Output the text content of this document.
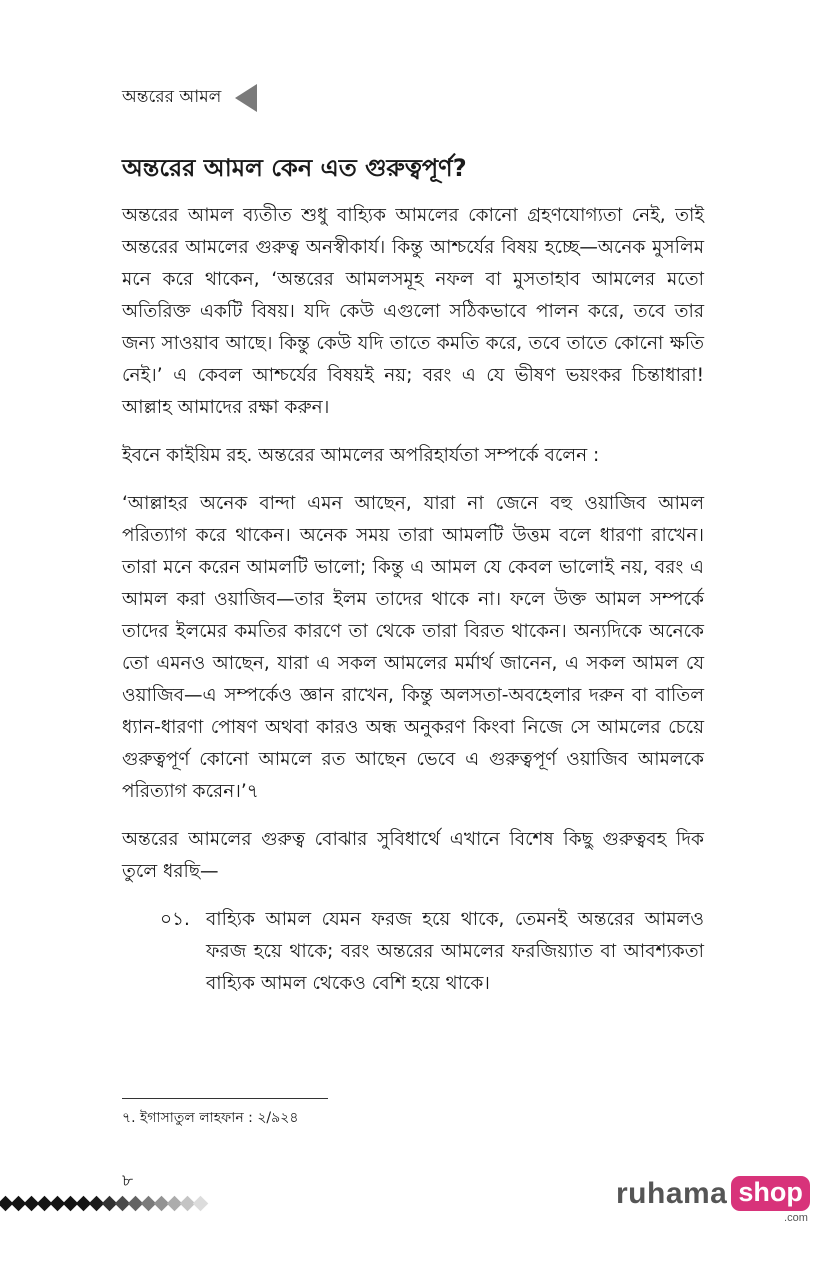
অন্তরের আমল
অন্তরের আমল কেন এত গুরুত্বপূর্ণ?

অন্তরের আমল ব্যতীত শুধু বাহ্যিক আমলের কোনো গ্রহণযোগ্যতা নেই, তাই অন্তরের আমলের গুরুত্ব অনস্বীকার্য। কিন্তু আশ্চর্যের বিষয় হচ্ছে—অনেক মুসলিম মনে করে থাকেন, ‘অন্তরের আমলসমূহ নফল বা মুসতাহাব আমলের মতো অতিরিক্ত একটি বিষয়। যদি কেউ এগুলো সঠিকভাবে পালন করে, তবে তার জন্য সাওয়াব আছে। কিন্তু কেউ যদি তাতে কমতি করে, তবে তাতে কোনো ক্ষতি নেই।’ এ কেবল আশ্চর্যের বিষয়ই নয়; বরং এ যে ভীষণ ভয়ংকর চিন্তাধারা! আল্লাহ আমাদের রক্ষা করুন।

ইবনে কাইয়িম রহ. অন্তরের আমলের অপরিহার্যতা সম্পর্কে বলেন :

‘আল্লাহর অনেক বান্দা এমন আছেন, যারা না জেনে বহু ওয়াজিব আমল পরিত্যাগ করে থাকেন। অনেক সময় তারা আমলটি উত্তম বলে ধারণা রাখেন। তারা মনে করেন আমলটি ভালো; কিন্তু এ আমল যে কেবল ভালোই নয়, বরং এ আমল করা ওয়াজিব—তার ইলম তাদের থাকে না। ফলে উক্ত আমল সম্পর্কে তাদের ইলমের কমতির কারণে তা থেকে তারা বিরত থাকেন। অন্যদিকে অনেকে তো এমনও আছেন, যারা এ সকল আমলের মর্মার্থ জানেন, এ সকল আমল যে ওয়াজিব—এ সম্পর্কেও জ্ঞান রাখেন, কিন্তু অলসতা-অবহেলার দরুন বা বাতিল ধ্যান-ধারণা পোষণ অথবা কারও অন্ধ অনুকরণ কিংবা নিজে সে আমলের চেয়ে গুরুত্বপূর্ণ কোনো আমলে রত আছেন ভেবে এ গুরুত্বপূর্ণ ওয়াজিব আমলকে পরিত্যাগ করেন।’৭

অন্তরের আমলের গুরুত্ব বোঝার সুবিধার্থে এখানে বিশেষ কিছু গুরুত্ববহ দিক তুলে ধরছি—

০১. বাহ্যিক আমল যেমন ফরজ হয়ে থাকে, তেমনই অন্তরের আমলও ফরজ হয়ে থাকে; বরং অন্তরের আমলের ফরজিয়্যাত বা আবশ্যকতা বাহ্যিক আমল থেকেও বেশি হয়ে থাকে।
৭. ইগাসাতুল লাহফান : ২/৯২৪
৮	ruhama shop
.com
